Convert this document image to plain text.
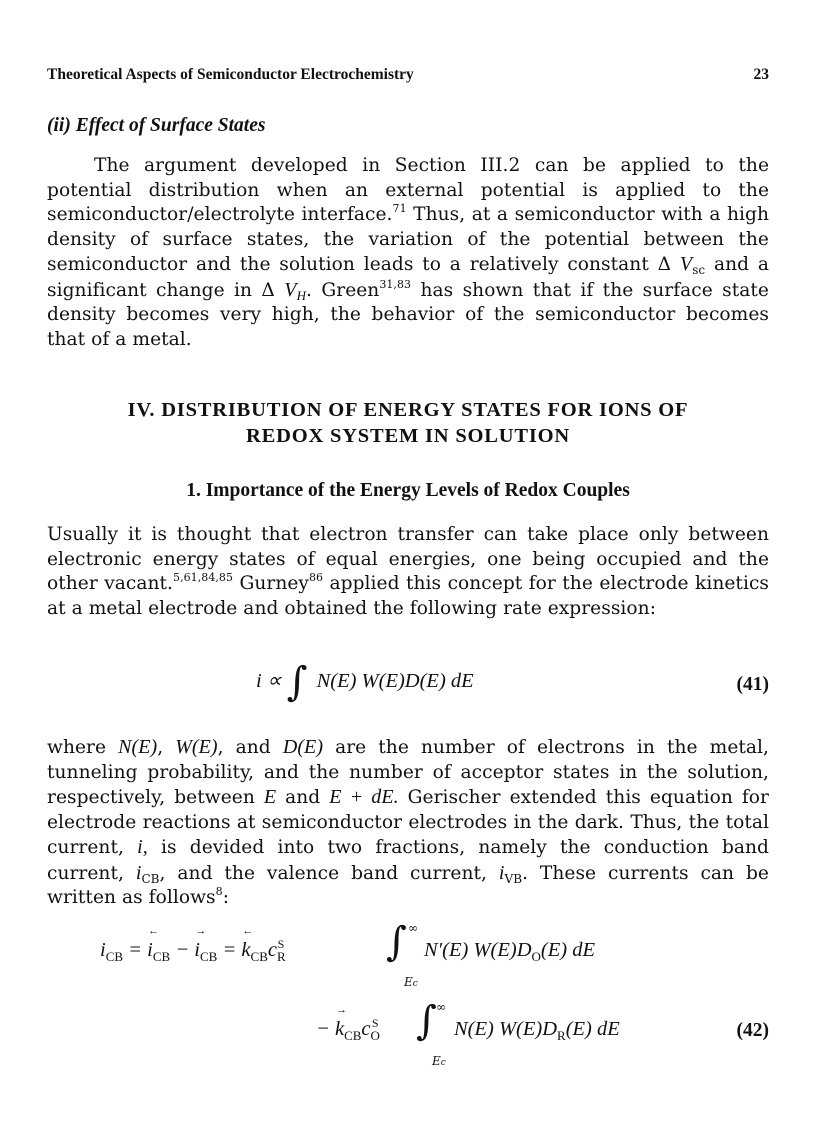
Theoretical Aspects of Semiconductor Electrochemistry	23
(ii) Effect of Surface States

The argument developed in Section III.2 can be applied to the potential distribution when an external potential is applied to the semiconductor/electrolyte interface.$^{71}$ Thus, at a semiconductor with a high density of surface states, the variation of the potential between the semiconductor and the solution leads to a relatively constant Δ $V_{sc}$ and a significant change in Δ $V_H$. Green$^{31,83}$ has shown that if the surface state density becomes very high, the behavior of the semiconductor becomes that of a metal.

IV. DISTRIBUTION OF ENERGY STATES FOR IONS OF
REDOX SYSTEM IN SOLUTION
1. Importance of the Energy Levels of Redox Couples

Usually it is thought that electron transfer can take place only between electronic energy states of equal energies, one being occupied and the other vacant.$^{5,61,84,85}$ Gurney$^{86}$ applied this concept for the electrode kinetics at a metal electrode and obtained the following rate expression:

i ∝ ∫ N(E) W(E)D(E) dE	(41)

where N(E), W(E), and D(E) are the number of electrons in the metal, tunneling probability, and the number of acceptor states in the solution, respectively, between E and E + dE. Gerischer extended this equation for electrode reactions at semiconductor electrodes in the dark. Thus, the total current, i, is devided into two fractions, namely the conduction band current, $i_{CB}$, and the valence band current, $i_{VB}$. These currents can be written as follows$^8$:

$i_{CB}$ = ← $i_{CB}$ − → $i_{CB}$ = ← $k_{CB}c_R^S$	∫ ∞
Ec
N′(E) $W(E)D_O(E)$ dE
− → $k_{CB}c_O^S$ ∫ ∞
Ec
N(E) $W(E)D_R(E)$ dE	(42)
